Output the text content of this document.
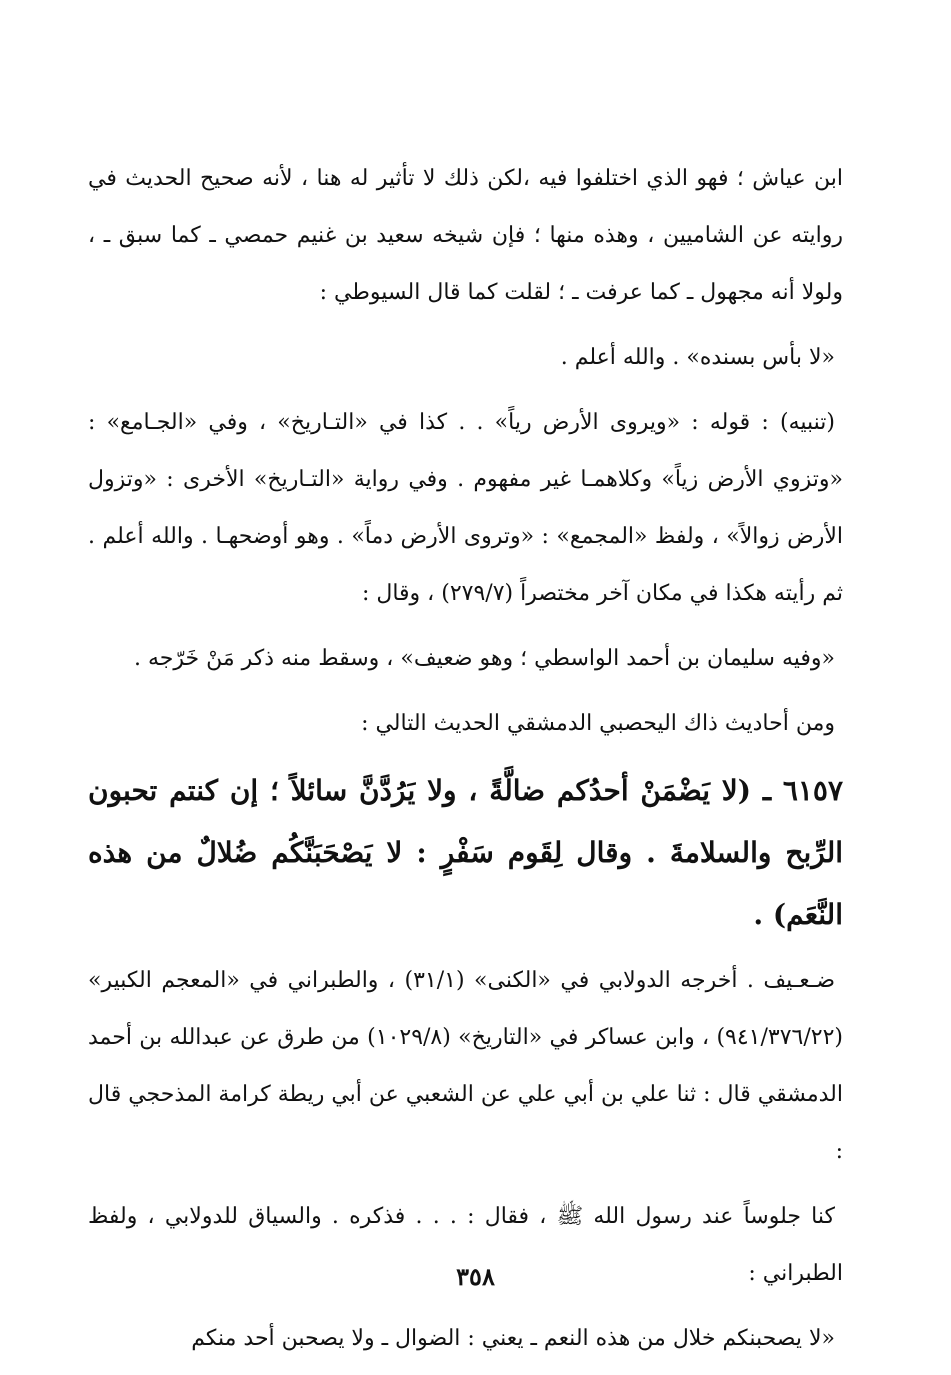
ابن عياش ؛ فهو الذي اختلفوا فيه ،لكن ذلك لا تأثير له هنا ، لأنه صحيح الحديث في روايته عن الشاميين ، وهذه منها ؛ فإن شيخه سعيد بن غنيم حمصي ـ كما سبق ـ ، ولولا أنه مجهول ـ كما عرفت ـ ؛ لقلت كما قال السيوطي :

«لا بأس بسنده» . والله أعلم .

(تنبيه) : قوله : «ويروى الأرض رياً» . . كذا في «التـاريخ» ، وفي «الجـامع» : «وتزوي الأرض زياً» وكلاهمـا غير مفهوم . وفي رواية «التـاريخ» الأخرى : «وتزول الأرض زوالاً» ، ولفظ «المجمع» : «وتروى الأرض دماً» . وهو أوضحهـا . والله أعلم . ثم رأيته هكذا في مكان آخر مختصراً (٢٧٩/٧) ، وقال :

«وفيه سليمان بن أحمد الواسطي ؛ وهو ضعيف» ، وسقط منه ذكر مَنْ خَرّجه .

ومن أحاديث ذاك اليحصبي الدمشقي الحديث التالي :

٦١٥٧ ـ (لا يَضْمَنْ أحدُكم ضالَّةً ، ولا يَرُدَّنَّ سائلاً ؛ إن كنتم تحبون الرِّبح والسلامةَ . وقال لِقَوم سَفْرٍ : لا يَصْحَبَنَّكُم ضُلالٌ من هذه النَّعَم) .

ضـعـيف . أخرجه الدولابي في «الكنى» (٣١/١) ، والطبراني في «المعجم الكبير» (٩٤١/٣٧٦/٢٢) ، وابن عساكر في «التاريخ» (١٠٢٩/٨) من طرق عن عبدالله بن أحمد الدمشقي قال : ثنا علي بن أبي علي عن الشعبي عن أبي ريطة كرامة المذحجي قال :

كنا جلوساً عند رسول الله ﷺ ، فقال : . . . فذكره . والسياق للدولابي ، ولفظ الطبراني :

«لا يصحبنكم خلال من هذه النعم ـ يعني : الضوال ـ ولا يصحبن أحد منكم

٣٥٨
